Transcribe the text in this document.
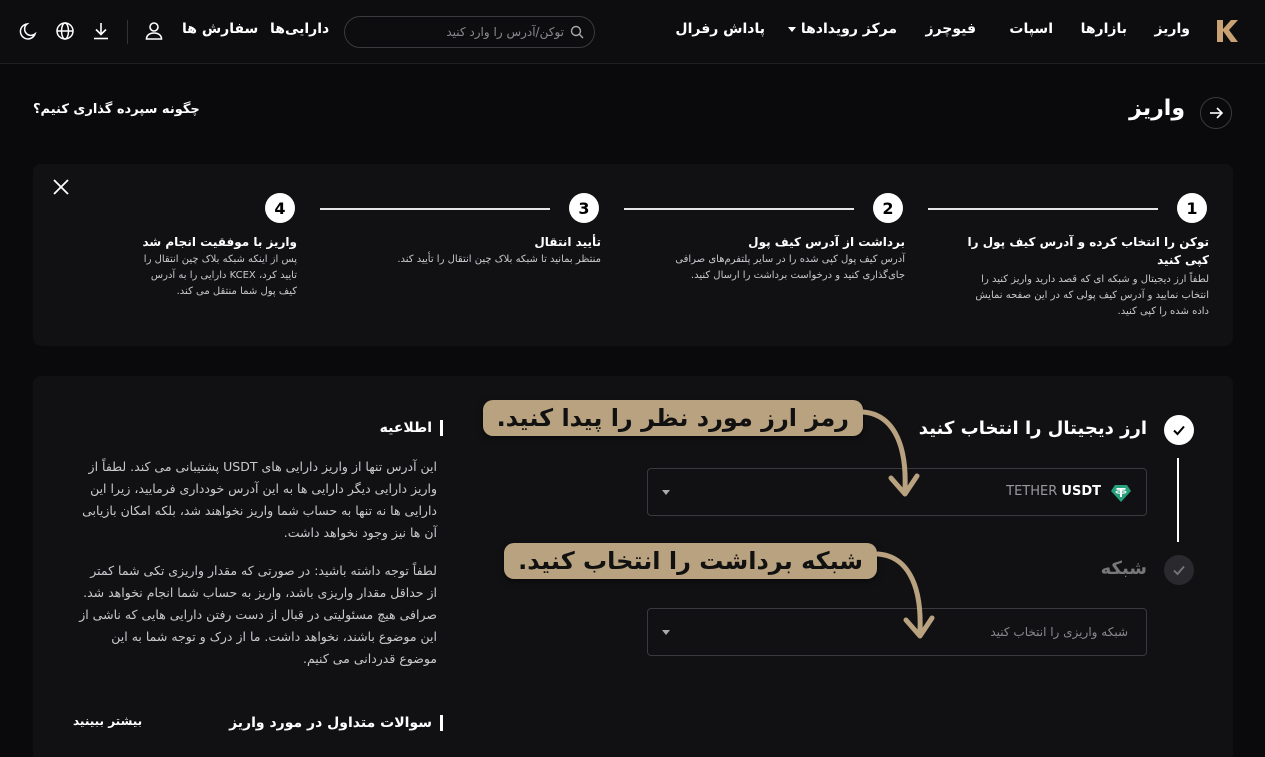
واریز
بازارها
اسپات
فیوچرز
مرکز رویدادها
پاداش رفرال
توکن/آدرس را وارد کنید
دارایی‌ها
سفارش ها
واریز
چگونه سپرده گذاری کنیم؟
1
2
3
4
توکن را انتخاب کرده و آدرس کیف پول را کپی کنید
لطفاً ارز دیجیتال و شبکه ای که قصد دارید واریز کنید را انتخاب نمایید و آدرس کیف پولی که در این صفحه نمایش داده شده را کپی کنید.
برداشت از آدرس کیف پول
آدرس کیف پول کپی شده را در سایر پلتفرم‌های صرافی جای‌گذاری کنید و درخواست برداشت را ارسال کنید.
تأیید انتقال
منتظر بمانید تا شبکه بلاک چین انتقال را تأیید کند.
واریز با موفقیت انجام شد
پس از اینکه شبکه بلاک چین انتقال را تایید کرد، KCEX دارایی را به آدرس کیف پول شما منتقل می کند.
ارز دیجیتال را انتخاب کنید
شبکه
TETHER USDT
شبکه واریزی را انتخاب کنید
رمز ارز مورد نظر را پیدا کنید.
شبکه برداشت را انتخاب کنید.
اطلاعیه
این آدرس تنها از واریز دارایی های USDT پشتیبانی می کند. لطفاً از واریز دارایی دیگر دارایی ها به این آدرس خودداری فرمایید، زیرا این دارایی ها نه تنها به حساب شما واریز نخواهند شد، بلکه امکان بازیابی آن ها نیز وجود نخواهد داشت.
لطفاً توجه داشته باشید: در صورتی که مقدار واریزی تکی شما کمتر از حداقل مقدار واریزی باشد، واریز به حساب شما انجام نخواهد شد. صرافی هیچ مسئولیتی در قبال از دست رفتن دارایی هایی که ناشی از این موضوع باشند، نخواهد داشت. ما از درک و توجه شما به این موضوع قدردانی می کنیم.
سوالات متداول در مورد واریز
بیشتر ببینید
